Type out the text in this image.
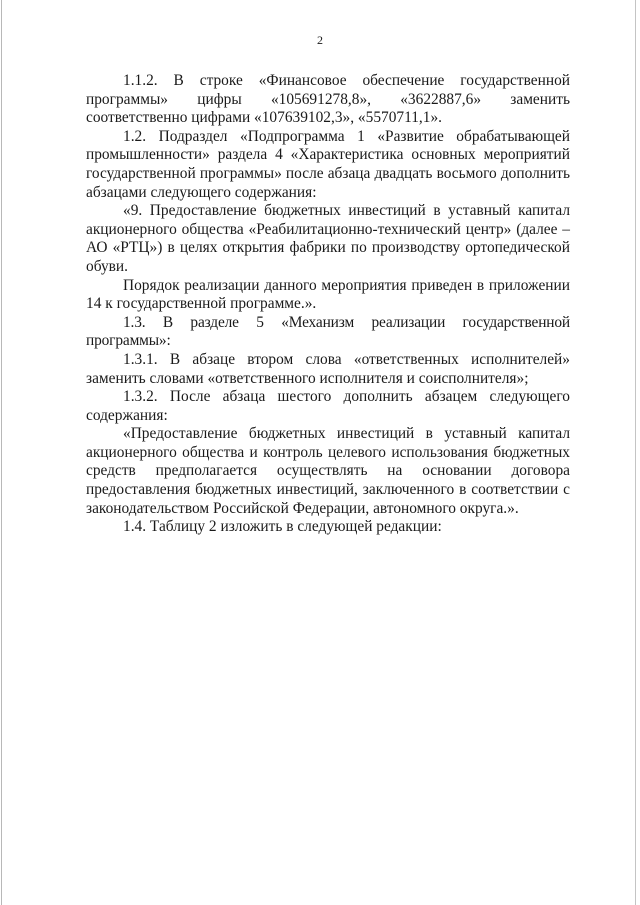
2

1.1.2. В строке «Финансовое обеспечение государственной программы» цифры «105691278,8», «3622887,6» заменить соответственно цифрами «107639102,3», «5570711,1».

1.2. Подраздел «Подпрограмма 1 «Развитие обрабатывающей промышленности» раздела 4 «Характеристика основных мероприятий государственной программы» после абзаца двадцать восьмого дополнить абзацами следующего содержания:

«9. Предоставление бюджетных инвестиций в уставный капитал акционерного общества «Реабилитационно-технический центр» (далее – АО «РТЦ») в целях открытия фабрики по производству ортопедической обуви.

Порядок реализации данного мероприятия приведен в приложении 14 к государственной программе.».

1.3. В разделе 5 «Механизм реализации государственной программы»:

1.3.1. В абзаце втором слова «ответственных исполнителей» заменить словами «ответственного исполнителя и соисполнителя»;

1.3.2. После абзаца шестого дополнить абзацем следующего содержания:

«Предоставление бюджетных инвестиций в уставный капитал акционерного общества и контроль целевого использования бюджетных средств предполагается осуществлять на основании договора предоставления бюджетных инвестиций, заключенного в соответствии с законодательством Российской Федерации, автономного округа.».

1.4. Таблицу 2 изложить в следующей редакции:
